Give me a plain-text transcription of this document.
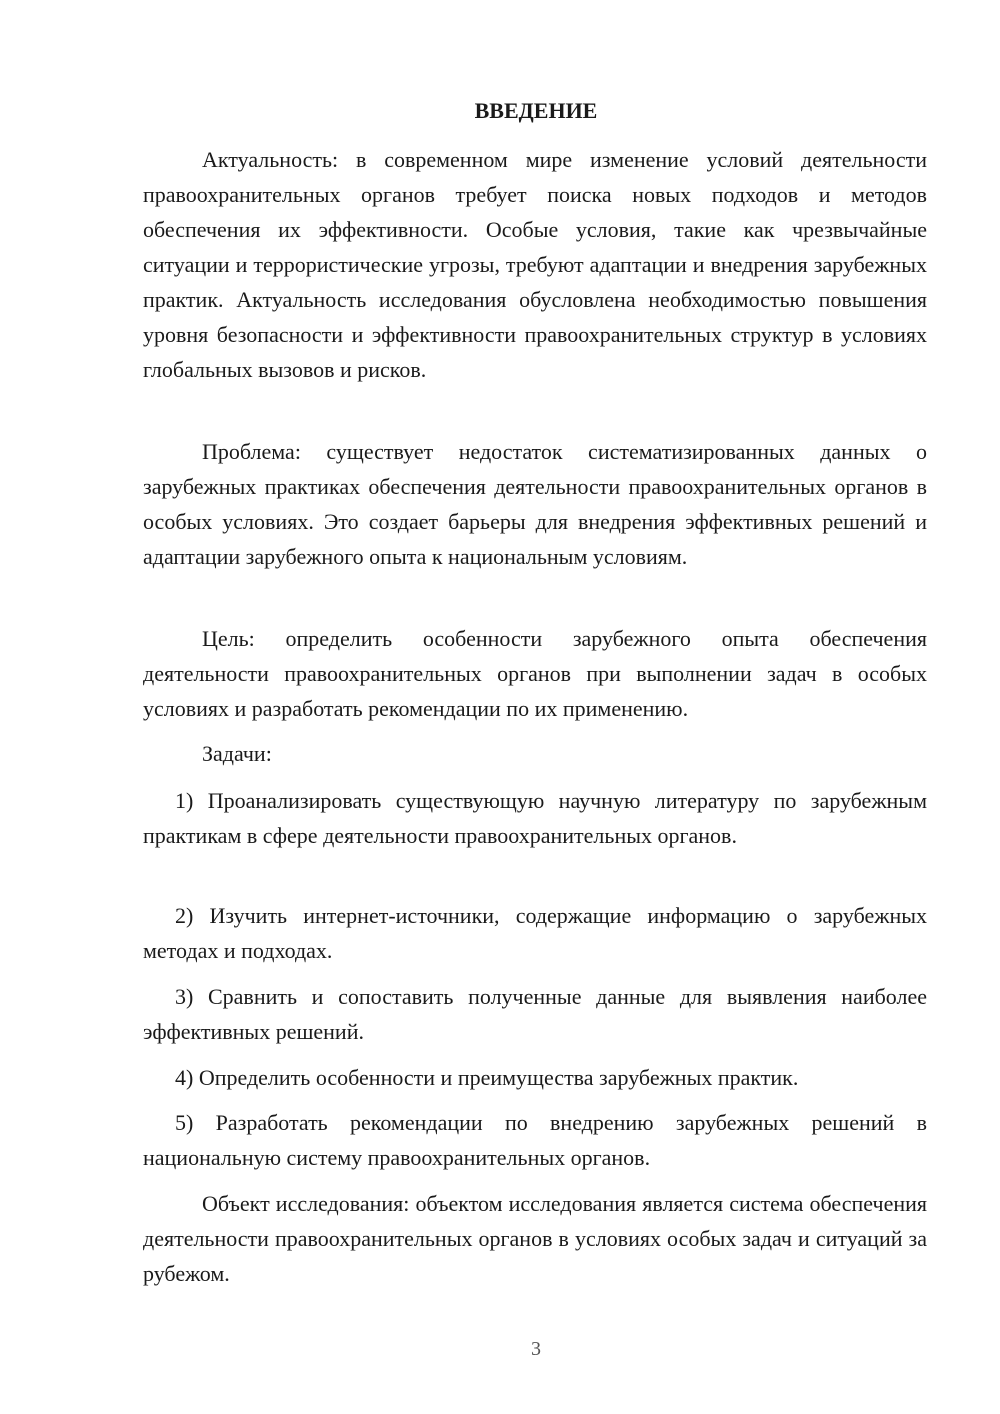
ВВЕДЕНИЕ

Актуальность: в современном мире изменение условий деятельности правоохранительных органов требует поиска новых подходов и методов обеспечения их эффективности. Особые условия, такие как чрезвычайные ситуации и террористические угрозы, требуют адаптации и внедрения зарубежных практик. Актуальность исследования обусловлена необходимостью повышения уровня безопасности и эффективности правоохранительных структур в условиях глобальных вызовов и рисков.

Проблема: существует недостаток систематизированных данных о зарубежных практиках обеспечения деятельности правоохранительных органов в особых условиях. Это создает барьеры для внедрения эффективных решений и адаптации зарубежного опыта к национальным условиям.

Цель: определить особенности зарубежного опыта обеспечения деятельности правоохранительных органов при выполнении задач в особых условиях и разработать рекомендации по их применению.

Задачи:

1) Проанализировать существующую научную литературу по зарубежным практикам в сфере деятельности правоохранительных органов.

2) Изучить интернет-источники, содержащие информацию о зарубежных методах и подходах.

3) Сравнить и сопоставить полученные данные для выявления наиболее эффективных решений.

4) Определить особенности и преимущества зарубежных практик.

5) Разработать рекомендации по внедрению зарубежных решений в национальную систему правоохранительных органов.

Объект исследования: объектом исследования является система обеспечения деятельности правоохранительных органов в условиях особых задач и ситуаций за рубежом.

3
